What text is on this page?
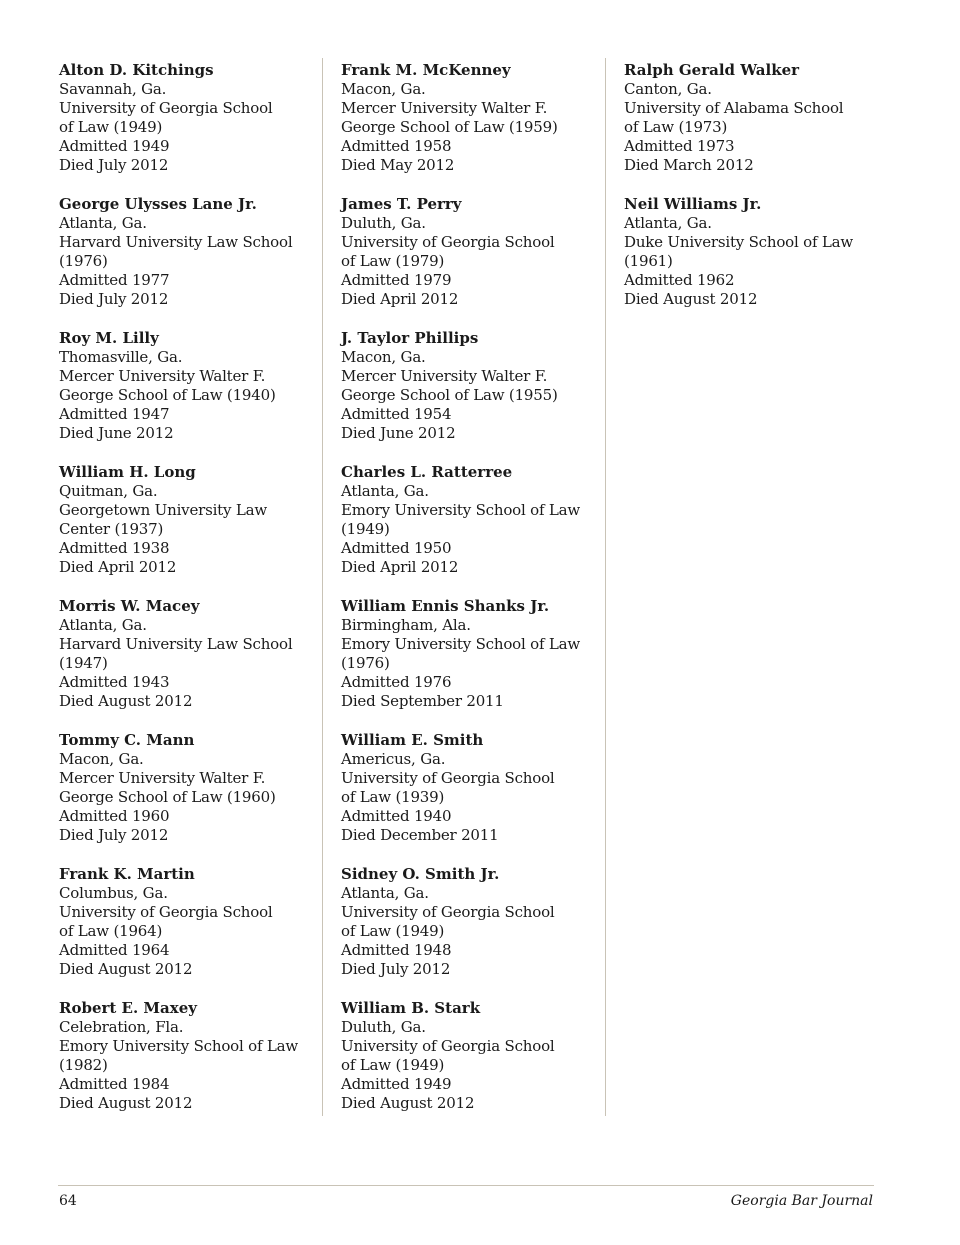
Alton D. Kitchings
Savannah, Ga.
University of Georgia School
of Law (1949)
Admitted 1949
Died July 2012
George Ulysses Lane Jr.
Atlanta, Ga.
Harvard University Law School
(1976)
Admitted 1977
Died July 2012
Roy M. Lilly
Thomasville, Ga.
Mercer University Walter F.
George School of Law (1940)
Admitted 1947
Died June 2012
William H. Long
Quitman, Ga.
Georgetown University Law
Center (1937)
Admitted 1938
Died April 2012
Morris W. Macey
Atlanta, Ga.
Harvard University Law School
(1947)
Admitted 1943
Died August 2012
Tommy C. Mann
Macon, Ga.
Mercer University Walter F.
George School of Law (1960)
Admitted 1960
Died July 2012
Frank K. Martin
Columbus, Ga.
University of Georgia School
of Law (1964)
Admitted 1964
Died August 2012
Robert E. Maxey
Celebration, Fla.
Emory University School of Law
(1982)
Admitted 1984
Died August 2012
Frank M. McKenney
Macon, Ga.
Mercer University Walter F.
George School of Law (1959)
Admitted 1958
Died May 2012
James T. Perry
Duluth, Ga.
University of Georgia School
of Law (1979)
Admitted 1979
Died April 2012
J. Taylor Phillips
Macon, Ga.
Mercer University Walter F.
George School of Law (1955)
Admitted 1954
Died June 2012
Charles L. Ratterree
Atlanta, Ga.
Emory University School of Law
(1949)
Admitted 1950
Died April 2012
William Ennis Shanks Jr.
Birmingham, Ala.
Emory University School of Law
(1976)
Admitted 1976
Died September 2011
William E. Smith
Americus, Ga.
University of Georgia School
of Law (1939)
Admitted 1940
Died December 2011
Sidney O. Smith Jr.
Atlanta, Ga.
University of Georgia School
of Law (1949)
Admitted 1948
Died July 2012
William B. Stark
Duluth, Ga.
University of Georgia School
of Law (1949)
Admitted 1949
Died August 2012
Ralph Gerald Walker
Canton, Ga.
University of Alabama School
of Law (1973)
Admitted 1973
Died March 2012
Neil Williams Jr.
Atlanta, Ga.
Duke University School of Law
(1961)
Admitted 1962
Died August 2012
64	Georgia Bar Journal
